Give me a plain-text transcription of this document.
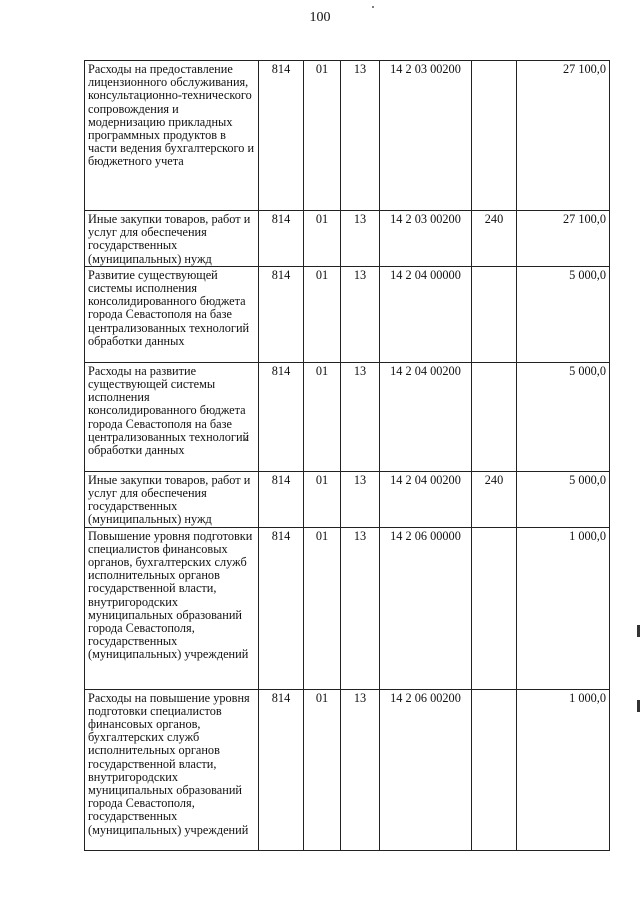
100
Расходы на предоставление лицензионного обслуживания, консультационно-технического сопровождения и модернизацию прикладных программных продуктов в части ведения бухгалтерского и бюджетного учета	814	01	13	14 2 03 00200		27 100,0
Иные закупки товаров, работ и услуг для обеспечения государственных (муниципальных) нужд	814	01	13	14 2 03 00200	240	27 100,0
Развитие существующей системы исполнения консолидированного бюджета города Севастополя на базе централизованных технологий обработки данных	814	01	13	14 2 04 00000		5 000,0
Расходы на развитие существующей системы исполнения консолидированного бюджета города Севастополя на базе централизованных технологий обработки данных	814	01	13	14 2 04 00200		5 000,0
Иные закупки товаров, работ и услуг для обеспечения государственных (муниципальных) нужд	814	01	13	14 2 04 00200	240	5 000,0
Повышение уровня подготовки специалистов финансовых органов, бухгалтерских служб исполнительных органов государственной власти, внутригородских муниципальных образований города Севастополя, государственных (муниципальных) учреждений	814	01	13	14 2 06 00000		1 000,0
Расходы на повышение уровня подготовки специалистов финансовых органов, бухгалтерских служб исполнительных органов государственной власти, внутригородских муниципальных образований города Севастополя, государственных (муниципальных) учреждений	814	01	13	14 2 06 00200		1 000,0
